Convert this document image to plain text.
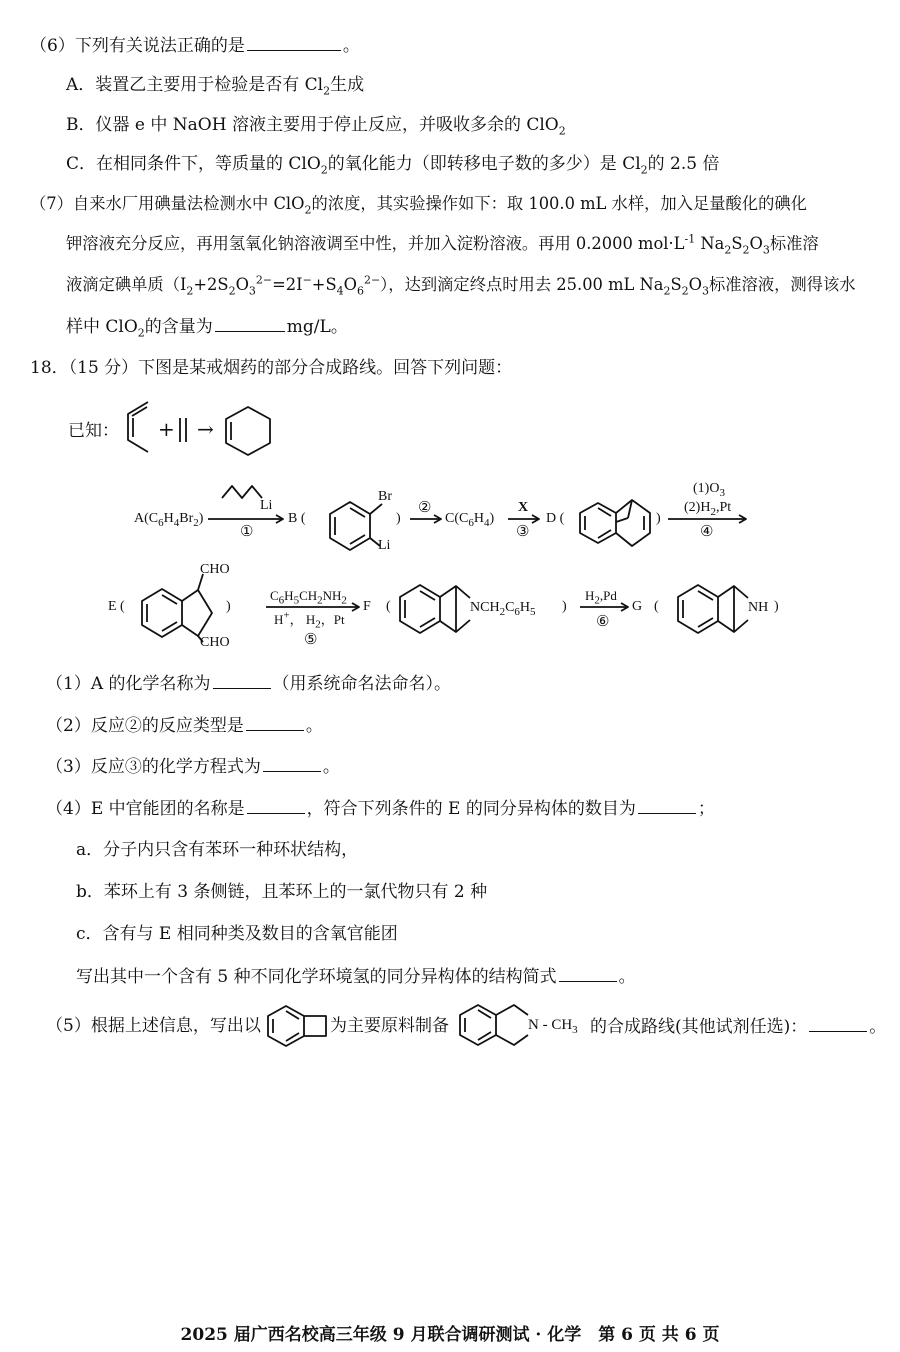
（6）下列有关说法正确的是	。
A．装置乙主要用于检验是否有 $Cl_2$生成
B．仪器 e 中 NaOH 溶液主要用于停止反应，并吸收多余的 ClO$_2$
C．在相同条件下，等质量的 ClO$_2$的氧化能力（即转移电子数的多少）是 $Cl_2$的 2.5 倍
（7）自来水厂用碘量法检测水中 ClO$_2$的浓度，其实验操作如下：取 100.0 mL 水样，加入足量酸化的碘化
钾溶液充分反应，再用氢氧化钠溶液调至中性，并加入淀粉溶液。再用 0.2000 $mol\cdot L^{-1}$ $Na_2S_2O_3$标准溶
液滴定碘单质$(I_2+2S_2O_3^{2-}=2I^-+S_4O_6^{2-})$，达到滴定终点时用去 25.00 mL $Na_2S_2O_3$标准溶液，测得该水
样中 ClO$_2$的含量为	mg/L。
18．（15 分）下图是某戒烟药的部分合成路线。回答下列问题：
已知： + →
$A(C_6H_4Br_2)$
Li
①
B (
Br
Li
)
②
$C(C_6H_4)$
X
③
D (	)
$(1)O_3$
$(2)H_2,Pt$
④
E (
CHO
CHO
)
$C_6H_5CH_2NH_2$
H+， $H_2$，Pt
⑤
F (	$NCH_2C_6H_5$ )
$H_2,Pd$
⑥
G (	NH )
（1）A 的化学名称为	（用系统命名法命名）。
（2）反应②的反应类型是	。
（3）反应③的化学方程式为	。
（4）E 中官能团的名称是	，符合下列条件的 E 的同分异构体的数目为	；
a．分子内只含有苯环一种环状结构，
b．苯环上有 3 条侧链，且苯环上的一氯代物只有 2 种
c．含有与 E 相同种类及数目的含氧官能团
写出其中一个含有 5 种不同化学环境氢的同分异构体的结构简式	。
（5）根据上述信息，写出以	为主要原料制备	N - $CH_3$ 的合成路线(其他试剂任选)：	。
2025 届广西名校高三年级 9 月联合调研测试 · 化学　第 6 页 共 6 页
